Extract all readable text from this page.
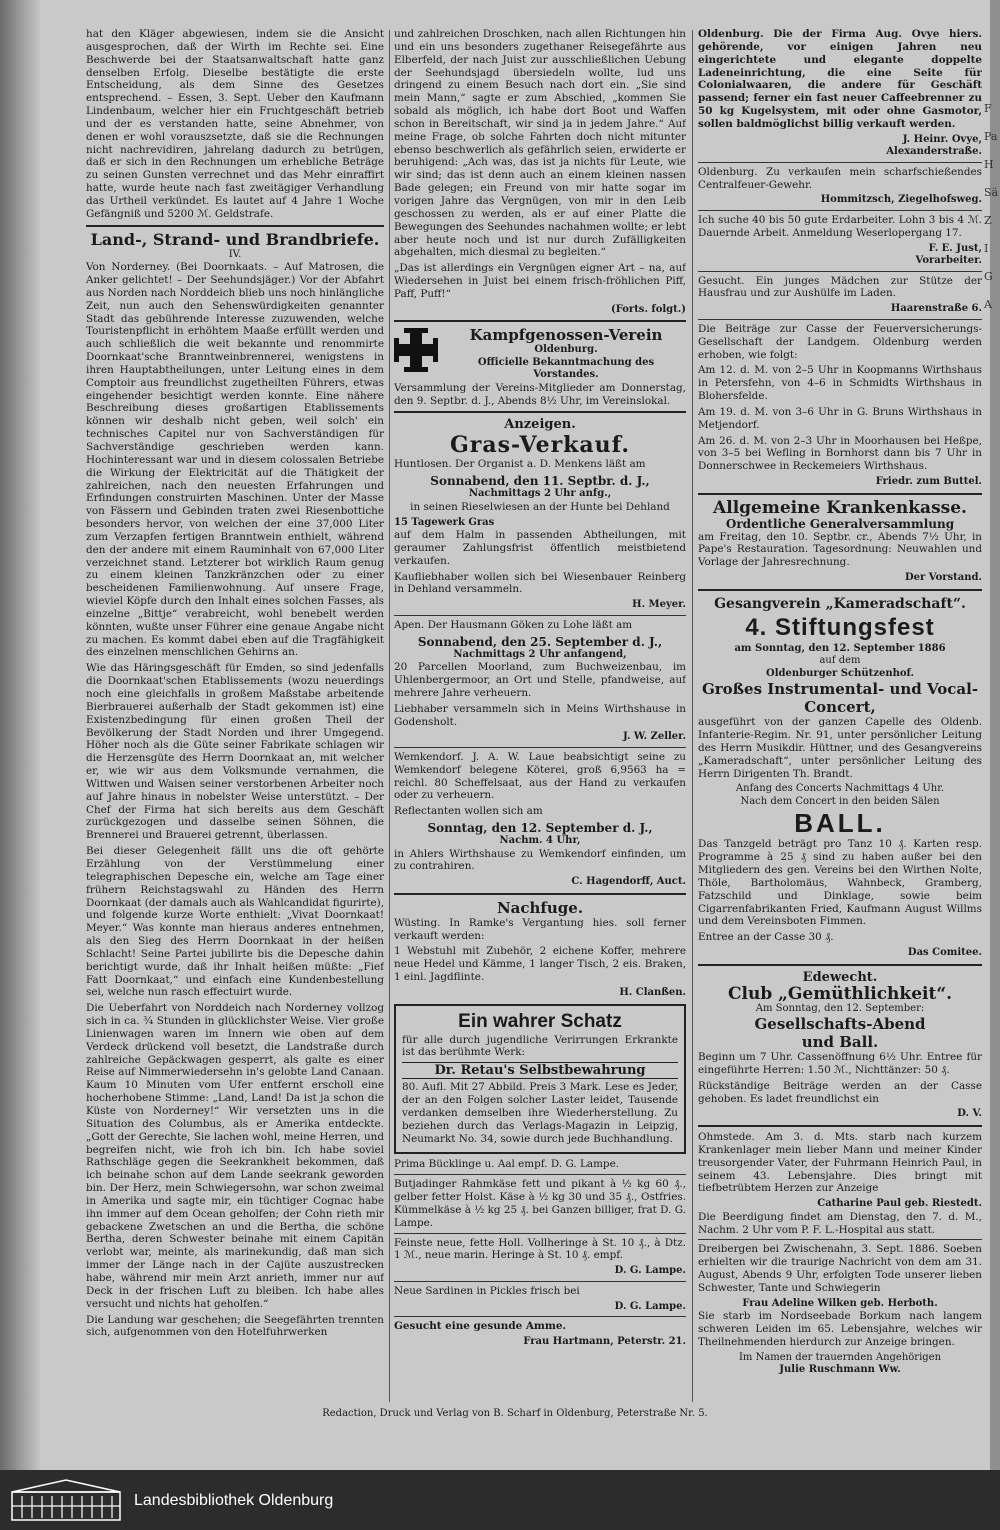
F
Pa
H
Sä
Z
I
G
A

hat den Kläger abgewiesen, indem sie die Ansicht ausgesprochen, daß der Wirth im Rechte sei. Eine Beschwerde bei der Staatsanwaltschaft hatte ganz denselben Erfolg. Dieselbe bestätigte die erste Entscheidung, als dem Sinne des Gesetzes entsprechend. – Essen, 3. Sept. Ueber den Kaufmann Lindenbaum, welcher hier ein Fruchtgeschäft betrieb und der es verstanden hatte, seine Abnehmer, von denen er wohl vorauszsetzte, daß sie die Rechnungen nicht nachrevidiren, jahrelang dadurch zu betrügen, daß er sich in den Rechnungen um erhebliche Beträge zu seinen Gunsten verrechnet und das Mehr einraffirt hatte, wurde heute nach fast zweitägiger Verhandlung das Urtheil verkündet. Es lautet auf 4 Jahre 1 Woche Gefängniß und 5200 ℳ. Geldstrafe.

Land-, Strand- und Brandbriefe.
IV.

Von Norderney. (Bei Doornkaats. – Auf Matrosen, die Anker gelichtet! – Der Seehundsjäger.) Vor der Abfahrt aus Norden nach Norddeich blieb uns noch hinlängliche Zeit, nun auch den Sehenswürdigkeiten genannter Stadt das gebührende Interesse zuzuwenden, welche Touristenpflicht in erhöhtem Maaße erfüllt werden und auch schließlich die weit bekannte und renommirte Doornkaat'sche Branntweinbrennerei, wenigstens in ihren Hauptabtheilungen, unter Leitung eines in dem Comptoir aus freundlichst zugetheilten Führers, etwas eingehender besichtigt werden konnte. Eine nähere Beschreibung dieses großartigen Etablissements können wir deshalb nicht geben, weil solch' ein technisches Capitel nur von Sachverständigen für Sachverständige geschrieben werden kann. Hochinteressant war und in diesem colossalen Betriebe die Wirkung der Elektricität auf die Thätigkeit der zahlreichen, nach den neuesten Erfahrungen und Erfindungen construirten Maschinen. Unter der Masse von Fässern und Gebinden traten zwei Riesenbottiche besonders hervor, von welchen der eine 37,000 Liter zum Verzapfen fertigen Branntwein enthielt, während den der andere mit einem Rauminhalt von 67,000 Liter verzeichnet stand. Letzterer bot wirklich Raum genug zu einem kleinen Tanzkränzchen oder zu einer bescheidenen Familienwohnung. Auf unsere Frage, wieviel Köpfe durch den Inhalt eines solchen Fasses, als einzelne „Bittje“ verabreicht, wohl benebelt werden könnten, wußte unser Führer eine genaue Angabe nicht zu machen. Es kommt dabei eben auf die Tragfähigkeit des einzelnen menschlichen Gehirns an.

Wie das Häringsgeschäft für Emden, so sind jedenfalls die Doornkaat'schen Etablissements (wozu neuerdings noch eine gleichfalls in großem Maßstabe arbeitende Bierbrauerei außerhalb der Stadt gekommen ist) eine Existenzbedingung für einen großen Theil der Bevölkerung der Stadt Norden und ihrer Umgegend. Höher noch als die Güte seiner Fabrikate schlagen wir die Herzensgüte des Herrn Doornkaat an, mit welcher er, wie wir aus dem Volksmunde vernahmen, die Wittwen und Waisen seiner verstorbenen Arbeiter noch auf Jahre hinaus in nobelster Weise unterstützt. – Der Chef der Firma hat sich bereits aus dem Geschäft zurückgezogen und dasselbe seinen Söhnen, die Brennerei und Brauerei getrennt, überlassen.

Bei dieser Gelegenheit fällt uns die oft gehörte Erzählung von der Verstümmelung einer telegraphischen Depesche ein, welche am Tage einer frühern Reichstagswahl zu Händen des Herrn Doornkaat (der damals auch als Wahlcandidat figurirte), und folgende kurze Worte enthielt: „Vivat Doornkaat! Meyer.“ Was konnte man hieraus anderes entnehmen, als den Sieg des Herrn Doornkaat in der heißen Schlacht! Seine Partei jubilirte bis die Depesche dahin berichtigt wurde, daß ihr Inhalt heißen müßte: „Fief Fatt Doornkaat,“ und einfach eine Kundenbestellung sei, welche nun rasch effectuirt wurde.

Die Ueberfahrt von Norddeich nach Norderney vollzog sich in ca. ¾ Stunden in glücklichster Weise. Vier große Linienwagen waren im Innern wie oben auf dem Verdeck drückend voll besetzt, die Landstraße durch zahlreiche Gepäckwagen gesperrt, als galte es einer Reise auf Nimmerwiedersehn in's gelobte Land Canaan. Kaum 10 Minuten vom Ufer entfernt erscholl eine hocherhobene Stimme: „Land, Land! Da ist ja schon die Küste von Norderney!“ Wir versetzten uns in die Situation des Columbus, als er Amerika entdeckte. „Gott der Gerechte, Sie lachen wohl, meine Herren, und begreifen nicht, wie froh ich bin. Ich habe soviel Rathschläge gegen die Seekrankheit bekommen, daß ich beinahe schon auf dem Lande seekrank geworden bin. Der Herz, mein Schwiegersohn, war schon zweimal in Amerika und sagte mir, ein tüchtiger Cognac habe ihn immer auf dem Ocean geholfen; der Cohn rieth mir gebackene Zwetschen an und die Bertha, die schöne Bertha, deren Schwester beinahe mit einem Capitän verlobt war, meinte, als marinekundig, daß man sich immer der Länge nach in der Cajüte auszustrecken habe, während mir mein Arzt anrieth, immer nur auf Deck in der frischen Luft zu bleiben. Ich habe alles versucht und nichts hat geholfen.“

Die Landung war geschehen; die Seegefährten trennten sich, aufgenommen von den Hotelfuhrwerken

und zahlreichen Droschken, nach allen Richtungen hin und ein uns besonders zugethaner Reisegefährte aus Elberfeld, der nach Juist zur ausschließlichen Uebung der Seehundsjagd übersiedeln wollte, lud uns dringend zu einem Besuch nach dort ein. „Sie sind mein Mann,“ sagte er zum Abschied, „kommen Sie sobald als möglich, ich habe dort Boot und Waffen schon in Bereitschaft, wir sind ja in jedem Jahre.“ Auf meine Frage, ob solche Fahrten doch nicht mitunter ebenso beschwerlich als gefährlich seien, erwiderte er beruhigend: „Ach was, das ist ja nichts für Leute, wie wir sind; das ist denn auch an einem kleinen nassen Bade gelegen; ein Freund von mir hatte sogar im vorigen Jahre das Vergnügen, von mir in den Leib geschossen zu werden, als er auf einer Platte die Bewegungen des Seehundes nachahmen wollte; er lebt aber heute noch und ist nur durch Zufälligkeiten abgehalten, mich diesmal zu begleiten.“

„Das ist allerdings ein Vergnügen eigner Art – na, auf Wiedersehen in Juist bei einem frisch-fröhlichen Piff, Paff, Puff!“

(Forts. folgt.)
Kampfgenossen-Verein
Oldenburg.
Officielle Bekanntmachung des Vorstandes.

Versammlung der Vereins-Mitglieder am Donnerstag, den 9. Septbr. d. J., Abends 8½ Uhr, im Vereinslokal.

Anzeigen.
Gras-Verkauf.

Huntlosen. Der Organist a. D. Menkens läßt am

Sonnabend, den 11. Septbr. d. J.,
Nachmittags 2 Uhr anfg.,

in seinen Rieselwiesen an der Hunte bei Dehland

15 Tagewerk Gras

auf dem Halm in passenden Abtheilungen, mit geraumer Zahlungsfrist öffentlich meistbietend verkaufen.

Kaufliebhaber wollen sich bei Wiesenbauer Reinberg in Dehland versammeln.

H. Meyer.

Apen. Der Hausmann Göken zu Lohe läßt am

Sonnabend, den 25. September d. J.,
Nachmittags 2 Uhr anfangend,

20 Parcellen Moorland, zum Buchweizenbau, im Uhlenbergermoor, an Ort und Stelle, pfandweise, auf mehrere Jahre verheuern.

Liebhaber versammeln sich in Meins Wirthshause in Godensholt.

J. W. Zeller.

Wemkendorf. J. A. W. Laue beabsichtigt seine zu Wemkendorf belegene Köterei, groß 6,9563 ha = reichl. 80 Scheffelsaat, aus der Hand zu verkaufen oder zu verheuern.

Reflectanten wollen sich am

Sonntag, den 12. September d. J.,
Nachm. 4 Uhr,

in Ahlers Wirthshause zu Wemkendorf einfinden, um zu contrahiren.

C. Hagendorff, Auct.
Nachfuge.

Wüsting. In Ramke's Vergantung hies. soll ferner verkauft werden:

1 Webstuhl mit Zubehör, 2 eichene Koffer, mehrere neue Hedel und Kämme, 1 langer Tisch, 2 eis. Braken, 1 einl. Jagdflinte.

H. Clanßen.
Ein wahrer Schatz

für alle durch jugendliche Verirrungen Erkrankte ist das berühmte Werk:

Dr. Retau's Selbstbewahrung

80. Aufl. Mit 27 Abbild. Preis 3 Mark. Lese es Jeder, der an den Folgen solcher Laster leidet, Tausende verdanken demselben ihre Wiederherstellung. Zu beziehen durch das Verlags-Magazin in Leipzig, Neumarkt No. 34, sowie durch jede Buchhandlung.

Prima Bücklinge u. Aal empf. D. G. Lampe.

Butjadinger Rahmkäse fett und pikant à ½ kg 60 ₰., gelber fetter Holst. Käse à ½ kg 30 und 35 ₰., Ostfries. Kümmelkäse à ½ kg 25 ₰. bei Ganzen billiger, frat D. G. Lampe.

Feinste neue, fette Holl. Vollheringe à St. 10 ₰., à Dtz. 1 ℳ., neue marin. Heringe à St. 10 ₰. empf.

D. G. Lampe.

Neue Sardinen in Pickles frisch bei

D. G. Lampe.

Gesucht eine gesunde Amme.

Frau Hartmann, Peterstr. 21.

Oldenburg. Die der Firma Aug. Ovye hiers. gehörende, vor einigen Jahren neu eingerichtete und elegante doppelte Ladeneinrichtung, die eine Seite für Colonialwaaren, die andere für Geschäft passend; ferner ein fast neuer Caffeebrenner zu 50 kg Kugelsystem, mit oder ohne Gasmotor, sollen baldmöglichst billig verkauft werden.

J. Heinr. Ovye,
Alexanderstraße.

Oldenburg. Zu verkaufen mein scharfschießendes Centralfeuer-Gewehr.

Hommitzsch, Ziegelhofsweg.

Ich suche 40 bis 50 gute Erdarbeiter. Lohn 3 bis 4 ℳ. Dauernde Arbeit. Anmeldung Weserlopergang 17.

F. E. Just,
Vorarbeiter.

Gesucht. Ein junges Mädchen zur Stütze der Hausfrau und zur Aushülfe im Laden.

Haarenstraße 6.

Die Beiträge zur Casse der Feuerversicherungs-Gesellschaft der Landgem. Oldenburg werden erhoben, wie folgt:

Am 12. d. M. von 2–5 Uhr in Koopmanns Wirthshaus in Petersfehn, von 4–6 in Schmidts Wirthshaus in Blohersfelde.

Am 19. d. M. von 3–6 Uhr in G. Bruns Wirthshaus in Metjendorf.

Am 26. d. M. von 2–3 Uhr in Moorhausen bei Heßpe, von 3–5 bei Wefling in Bornhorst dann bis 7 Uhr in Donnerschwee in Reckemeiers Wirthshaus.

Friedr. zum Buttel.
Allgemeine Krankenkasse.
Ordentliche Generalversammlung

am Freitag, den 10. Septbr. cr., Abends 7½ Uhr, in Pape's Restauration. Tagesordnung: Neuwahlen und Vorlage der Jahresrechnung.

Der Vorstand.
Gesangverein „Kameradschaft“.
4. Stiftungsfest
am Sonntag, den 12. September 1886
auf dem
Oldenburger Schützenhof.
Großes Instrumental- und Vocal-Concert,

ausgeführt von der ganzen Capelle des Oldenb. Infanterie-Regim. Nr. 91, unter persönlicher Leitung des Herrn Musikdir. Hüttner, und des Gesangvereins „Kameradschaft“, unter persönlicher Leitung des Herrn Dirigenten Th. Brandt.

Anfang des Concerts Nachmittags 4 Uhr.
Nach dem Concert in den beiden Sälen
BALL.

Das Tanzgeld beträgt pro Tanz 10 ₰. Karten resp. Programme à 25 ₰ sind zu haben außer bei den Mitgliedern des gen. Vereins bei den Wirthen Nolte, Thöle, Bartholomäus, Wahnbeck, Gramberg, Fatzschild und Dinklage, sowie beim Cigarrenfabrikanten Fried, Kaufmann August Willms und dem Vereinsboten Fimmen.

Entree an der Casse 30 ₰.

Das Comitee.
Edewecht.
Club „Gemüthlichkeit“.
Am Sonntag, den 12. September:
Gesellschafts-Abend
und Ball.

Beginn um 7 Uhr. Cassenöffnung 6½ Uhr. Entree für eingeführte Herren: 1.50 ℳ., Nichttänzer: 50 ₰.

Rückständige Beiträge werden an der Casse gehoben. Es ladet freundlichst ein

D. V.

Ohmstede. Am 3. d. Mts. starb nach kurzem Krankenlager mein lieber Mann und meiner Kinder treusorgender Vater, der Fuhrmann Heinrich Paul, in seinem 43. Lebensjahre. Dies bringt mit tiefbetrübtem Herzen zur Anzeige

Catharine Paul geb. Riestedt.

Die Beerdigung findet am Dienstag, den 7. d. M., Nachm. 2 Uhr vom P. F. L.-Hospital aus statt.

Dreibergen bei Zwischenahn, 3. Sept. 1886. Soeben erhielten wir die traurige Nachricht von dem am 31. August, Abends 9 Uhr, erfolgten Tode unserer lieben Schwester, Tante und Schwiegerin

Frau Adeline Wilken geb. Herboth.

Sie starb im Nordseebade Borkum nach langem schweren Leiden im 65. Lebensjahre, welches wir Theilnehmenden hierdurch zur Anzeige bringen.

Im Namen der trauernden Angehörigen
Julie Ruschmann Ww.
Redaction, Druck und Verlag von B. Scharf in Oldenburg, Peterstraße Nr. 5.
Landesbibliothek Oldenburg
